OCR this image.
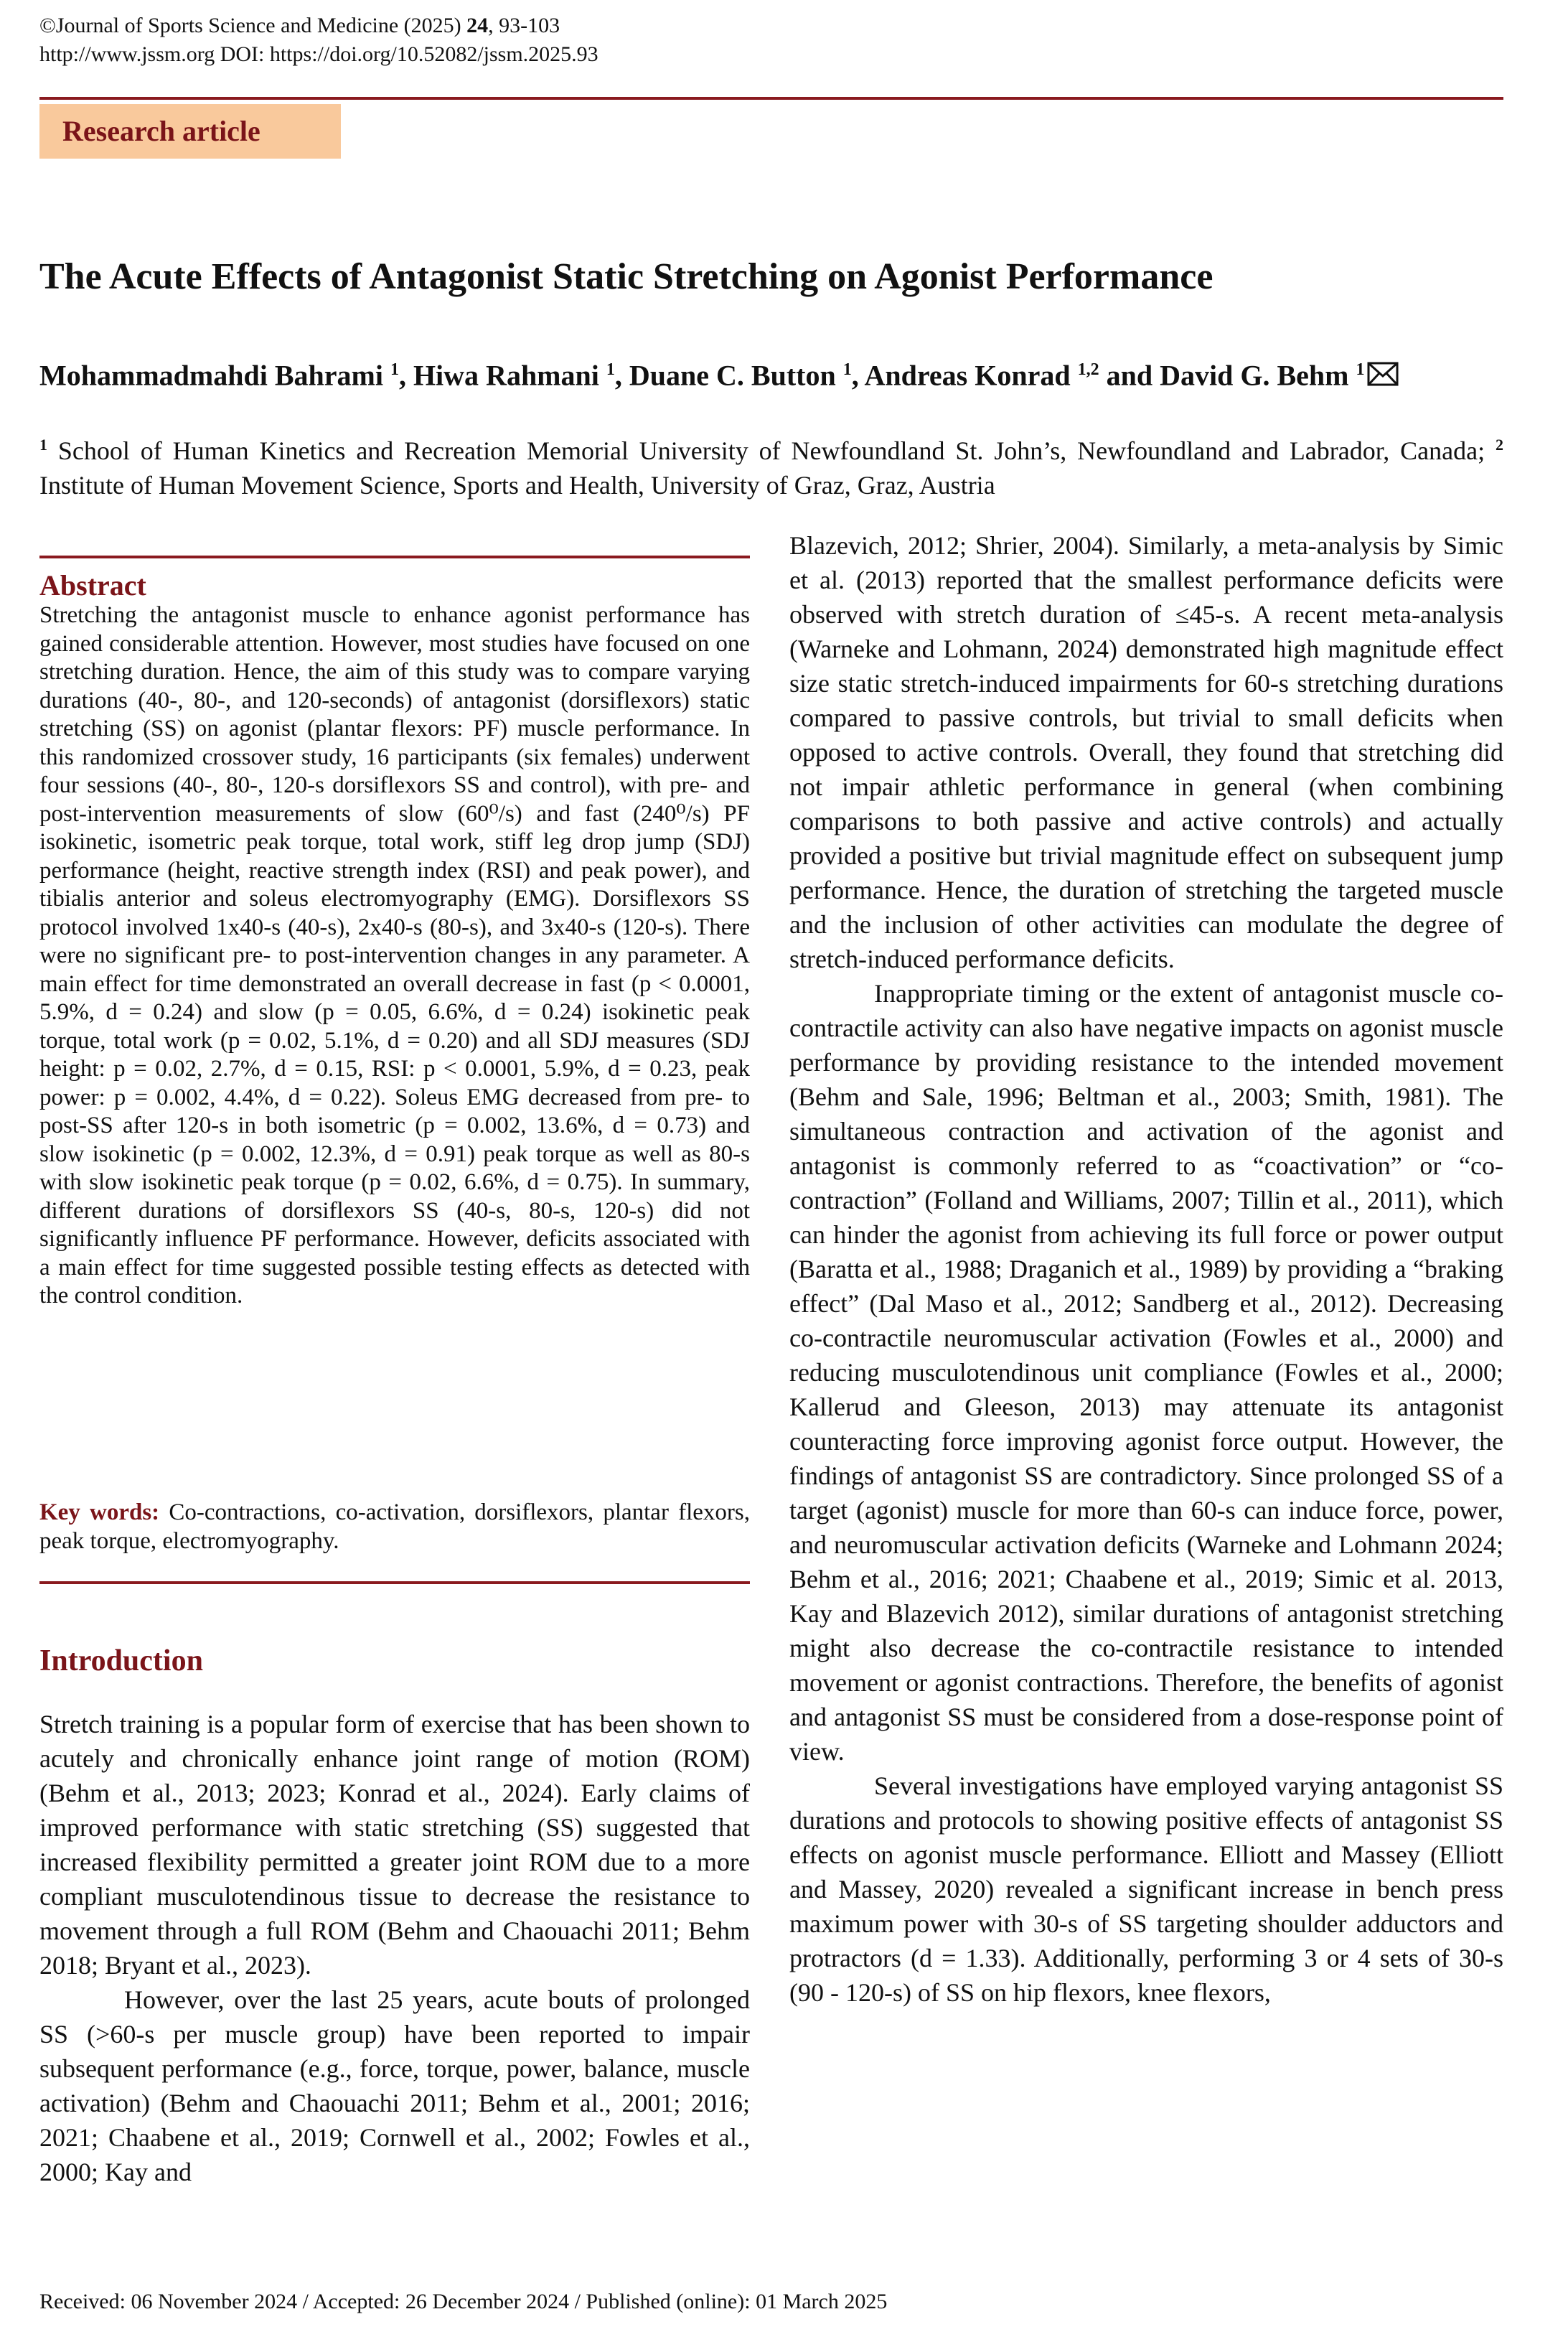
©Journal of Sports Science and Medicine (2025) 24, 93-103
http://www.jssm.org DOI: https://doi.org/10.52082/jssm.2025.93
Research article
The Acute Effects of Antagonist Static Stretching on Agonist Performance
Mohammadmahdi Bahrami $^1$, Hiwa Rahmani $^1$, Duane C. Button $^1$, Andreas Konrad $^{1,2}$ and David G. Behm $^1$
$^1$ School of Human Kinetics and Recreation Memorial University of Newfoundland St. John’s, Newfoundland and Labrador, Canada; $^2$ Institute of Human Movement Science, Sports and Health, University of Graz, Graz, Austria
Abstract
Stretching the antagonist muscle to enhance agonist performance has gained considerable attention. However, most studies have focused on one stretching duration. Hence, the aim of this study was to compare varying durations (40-, 80-, and 120-seconds) of antagonist (dorsiflexors) static stretching (SS) on agonist (plantar flexors: PF) muscle performance. In this randomized crossover study, 16 participants (six females) underwent four sessions (40-, 80-, 120-s dorsiflexors SS and control), with pre- and post-intervention measurements of slow (60⁰/s) and fast (240⁰/s) PF isokinetic, isometric peak torque, total work, stiff leg drop jump (SDJ) performance (height, reactive strength index (RSI) and peak power), and tibialis anterior and soleus electromyography (EMG). Dorsiflexors SS protocol involved 1x40-s (40-s), 2x40-s (80-s), and 3x40-s (120-s). There were no significant pre- to post-intervention changes in any parameter. A main effect for time demonstrated an overall decrease in fast (p < 0.0001, 5.9%, d = 0.24) and slow (p = 0.05, 6.6%, d = 0.24) isokinetic peak torque, total work (p = 0.02, 5.1%, d = 0.20) and all SDJ measures (SDJ height: p = 0.02, 2.7%, d = 0.15, RSI: p < 0.0001, 5.9%, d = 0.23, peak power: p = 0.002, 4.4%, d = 0.22). Soleus EMG decreased from pre- to post-SS after 120-s in both isometric (p = 0.002, 13.6%, d = 0.73) and slow isokinetic (p = 0.002, 12.3%, d = 0.91) peak torque as well as 80-s with slow isokinetic peak torque (p = 0.02, 6.6%, d = 0.75). In summary, different durations of dorsiflexors SS (40-s, 80-s, 120-s) did not significantly influence PF performance. However, deficits associated with a main effect for time suggested possible testing effects as detected with the control condition.
Key words: Co-contractions, co-activation, dorsiflexors, plantar flexors, peak torque, electromyography.
Introduction

Stretch training is a popular form of exercise that has been shown to acutely and chronically enhance joint range of motion (ROM) (Behm et al., 2013; 2023; Konrad et al., 2024). Early claims of improved performance with static stretching (SS) suggested that increased flexibility permitted a greater joint ROM due to a more compliant musculotendinous tissue to decrease the resistance to movement through a full ROM (Behm and Chaouachi 2011; Behm 2018; Bryant et al., 2023).

However, over the last 25 years, acute bouts of prolonged SS (>60-s per muscle group) have been reported to impair subsequent performance (e.g., force, torque, power, balance, muscle activation) (Behm and Chaouachi 2011; Behm et al., 2001; 2016; 2021; Chaabene et al., 2019; Cornwell et al., 2002; Fowles et al., 2000; Kay and

Blazevich, 2012; Shrier, 2004). Similarly, a meta-analysis by Simic et al. (2013) reported that the smallest performance deficits were observed with stretch duration of ≤45-s. A recent meta-analysis (Warneke and Lohmann, 2024) demonstrated high magnitude effect size static stretch-induced impairments for 60-s stretching durations compared to passive controls, but trivial to small deficits when opposed to active controls. Overall, they found that stretching did not impair athletic performance in general (when combining comparisons to both passive and active controls) and actually provided a positive but trivial magnitude effect on subsequent jump performance. Hence, the duration of stretching the targeted muscle and the inclusion of other activities can modulate the degree of stretch-induced performance deficits.

Inappropriate timing or the extent of antagonist muscle co-contractile activity can also have negative impacts on agonist muscle performance by providing resistance to the intended movement (Behm and Sale, 1996; Beltman et al., 2003; Smith, 1981). The simultaneous contraction and activation of the agonist and antagonist is commonly referred to as “coactivation” or “co-contraction” (Folland and Williams, 2007; Tillin et al., 2011), which can hinder the agonist from achieving its full force or power output (Baratta et al., 1988; Draganich et al., 1989) by providing a “braking effect” (Dal Maso et al., 2012; Sandberg et al., 2012). Decreasing co-contractile neuromuscular activation (Fowles et al., 2000) and reducing musculotendinous unit compliance (Fowles et al., 2000; Kallerud and Gleeson, 2013) may attenuate its antagonist counteracting force improving agonist force output. However, the findings of antagonist SS are contradictory. Since prolonged SS of a target (agonist) muscle for more than 60-s can induce force, power, and neuromuscular activation deficits (Warneke and Lohmann 2024; Behm et al., 2016; 2021; Chaabene et al., 2019; Simic et al. 2013, Kay and Blazevich 2012), similar durations of antagonist stretching might also decrease the co-contractile resistance to intended movement or agonist contractions. Therefore, the benefits of agonist and antagonist SS must be considered from a dose-response point of view.

Several investigations have employed varying antagonist SS durations and protocols to showing positive effects of antagonist SS effects on agonist muscle performance. Elliott and Massey (Elliott and Massey, 2020) revealed a significant increase in bench press maximum power with 30-s of SS targeting shoulder adductors and protractors (d = 1.33). Additionally, performing 3 or 4 sets of 30-s (90 - 120-s) of SS on hip flexors, knee flexors,

Received: 06 November 2024 / Accepted: 26 December 2024 / Published (online): 01 March 2025
